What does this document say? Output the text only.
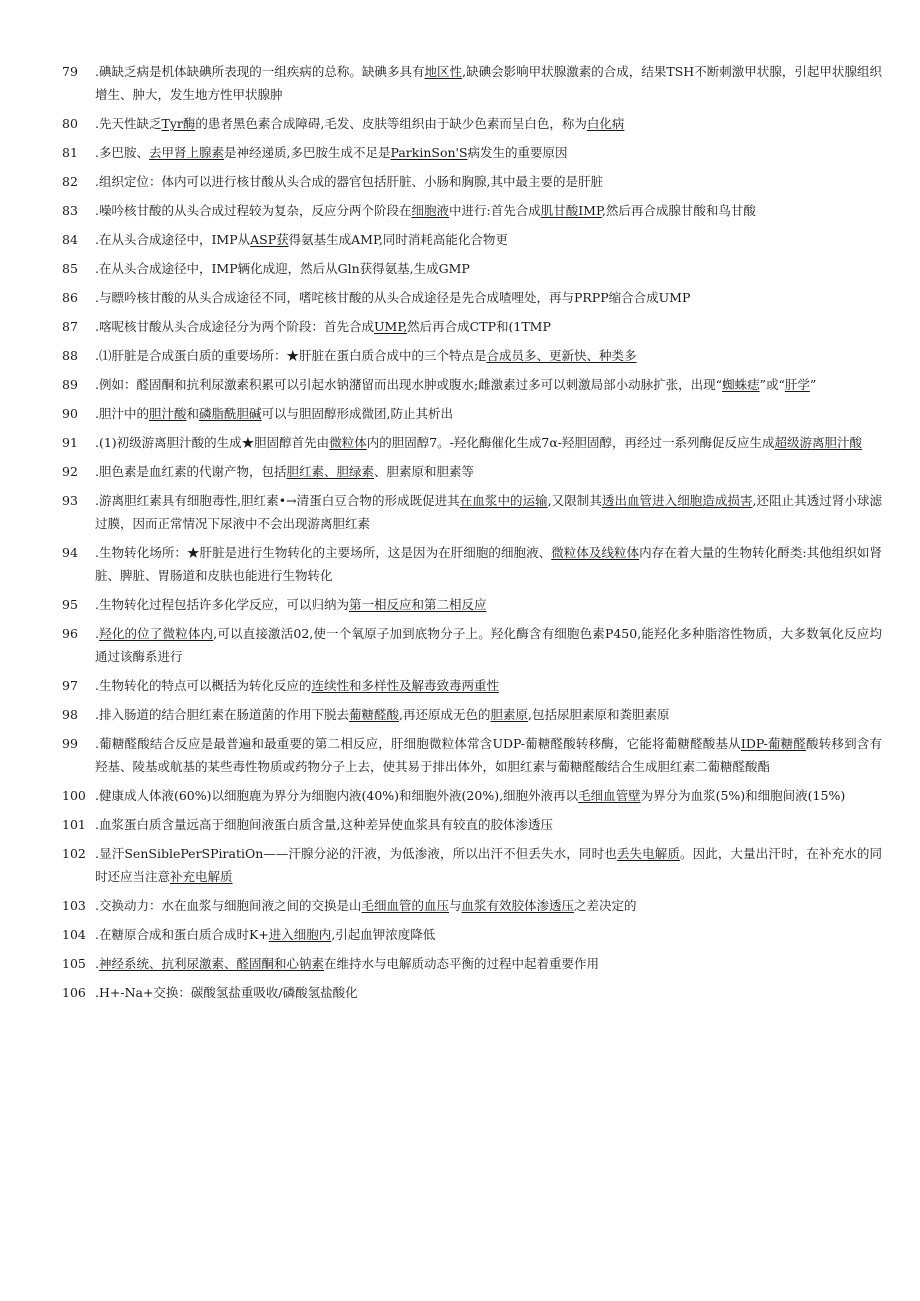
79	.碘缺乏病是机体缺碘所表现的一组疾病的总称。缺碘多具有地区性,缺碘会影响甲状腺激素的合成，结果TSH不断刺激甲状腺，引起甲状腺组织增生、肿大，发生地方性甲状腺肿
80	.先天性缺乏Tyr酶的患者黑色素合成障碍,毛发、皮肤等组织由于缺少色素而呈白色，称为白化病
81	.多巴胺、去甲肾上腺素是神经递质,多巴胺生成不足是ParkinSon'S病发生的重要原因
82	.组织定位：体内可以进行核甘酸从头合成的器官包括肝脏、小肠和胸腺,其中最主要的是肝脏
83	.噪吟核甘酸的从头合成过程较为复杂，反应分两个阶段在细胞液中进行:首先合成肌甘酸IMP,然后再合成腺甘酸和鸟甘酸
84	.在从头合成途径中，IMP从ASP获得氨基生成AMP,同时消耗高能化合物更
85	.在从头合成途径中，IMP辆化成迎，然后从Gln获得氨基,生成GMP
86	.与瞟吟核甘酸的从头合成途径不同，嗜咤核甘酸的从头合成途径是先合成喳哩处，再与PRPP缩合合成UMP
87	.喀呢核甘酸从头合成途径分为两个阶段：首先合成UMP,然后再合成CTP和(1TMP
88	.⑴肝脏是合成蛋白质的重要场所：★肝脏在蛋白质合成中的三个特点是合成员多、更新快、种类多
89	.例如：醛固酮和抗利尿激素积累可以引起水钠潴留而出现水肿或腹水;雌激素过多可以刺激局部小动脉扩张，出现“蜘蛛痣”或“肝学”
90	.胆汁中的胆汁酸和磷脂酰胆碱可以与胆固醇形成微团,防止其析出
91	.(1)初级游离胆汁酸的生成★胆固醇首先由微粒体内的胆固醇7。-羟化酶催化生成7α-羟胆固醇，再经过一系列酶促反应生成超级游离胆汁酸
92	.胆色素是血红素的代谢产物，包括胆红素、胆绿素、胆素原和胆素等
93	.游离胆红素具有细胞毒性,胆红素•→清蛋白豆合物的形成既促进其在血浆中的运输,又限制其透出血管进入细胞造成损害,还阻止其透过肾小球滤过膜，因而正常情况下尿液中不会出现游离胆红素
94	.生物转化场所：★肝脏是进行生物转化的主要场所，这是因为在肝细胞的细胞液、微粒体及线粒体内存在着大量的生物转化酹类:其他组织如肾脏、脾脏、胃肠道和皮肤也能进行生物转化
95	.生物转化过程包括许多化学反应，可以归纳为第一相反应和第二相反应
96	.羟化的位了微粒体内,可以直接激活02,使一个氧原子加到底物分子上。羟化酶含有细胞色素P450,能羟化多种脂溶性物质，大多数氧化反应均通过该酶系进行
97	.生物转化的特点可以概括为转化反应的连续性和多样性及解毒致毒两重性
98	.排入肠道的结合胆红素在肠道菌的作用下脱去葡糖醛酸,再还原成无色的胆素原,包括尿胆素原和粪胆素原
99	.葡糖醛酸结合反应是最普遍和最重要的第二相反应，肝细胞微粒体常含UDP-葡糖醛酸转移酶，它能将葡糖醛酸基从IDP-葡糖醛酸转移到含有羟基、陵基或航基的某些毒性物质或药物分子上去，使其易于排出体外，如胆红素与葡糖醛酸结合生成胆红素二葡糖醛酸酯
100 .健康成人体液(60%)以细胞鹿为界分为细胞内液(40%)和细胞外液(20%),细胞外液再以毛细血管壁为界分为血浆(5%)和细胞间液(15%)
101 .血浆蛋白质含量远高于细胞间液蛋白质含量,这种差异使血浆具有较直的胶体渗透压
102 .显汗SenSiblePerSPiratiOn——汗腺分泌的汗液，为低渗液，所以出汗不但丢失水，同时也丢失电解质。因此，大量出汗时，在补充水的同时还应当注意补充电解质
103 .交换动力：水在血浆与细胞间液之间的交换是山毛细血管的血压与血浆有效胶体渗透压之差决定的
104 .在糖原合成和蛋白质合成时K+进入细胞内,引起血钾浓度降低
105 .神经系统、抗利尿激素、醛固酮和心钠素在维持水与电解质动态平衡的过程中起着重要作用
106 .H+-Na+交换：碳酸氢盐重吸收/磷酸氢盐酸化
